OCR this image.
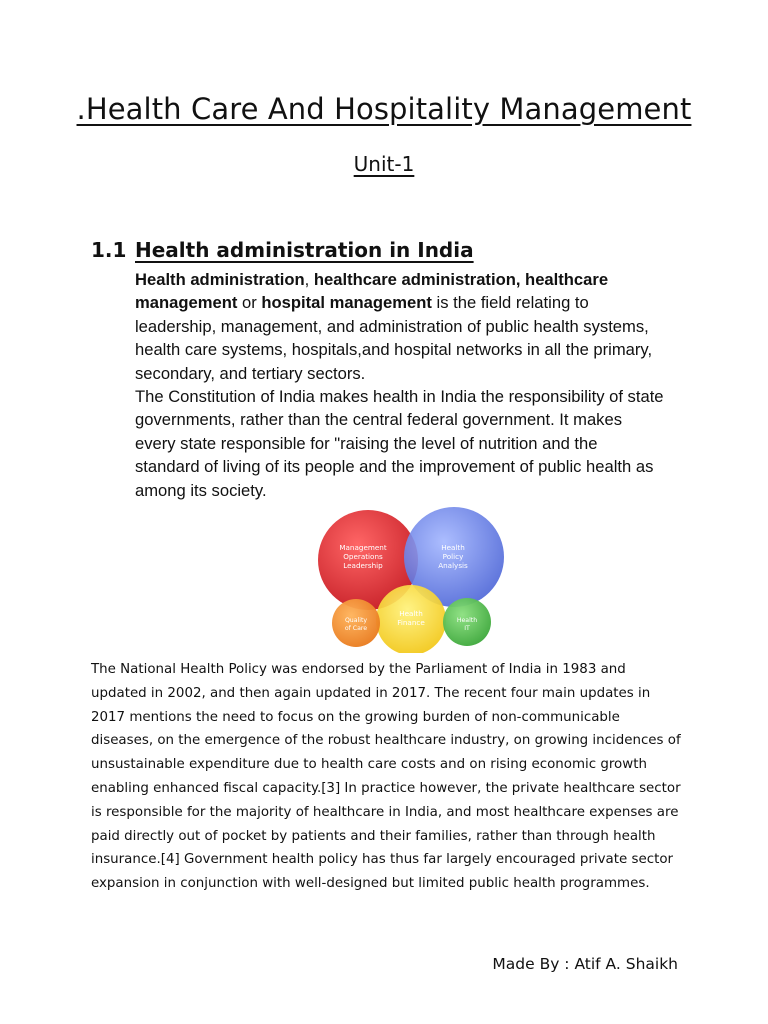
.Health Care And Hospitality Management
Unit-1
1.1 Health administration in India
Health administration, healthcare administration, healthcare management or hospital management is the field relating to leadership, management, and administration of public health systems, health care systems, hospitals,and hospital networks in all the primary, secondary, and tertiary sectors.
The Constitution of India makes health in India the responsibility of state governments, rather than the central federal government. It makes every state responsible for "raising the level of nutrition and the standard of living of its people and the improvement of public health as among its society.
Management
Operations
Leadership
Health
Policy
Analysis
Health
Finance
Quality
of Care
Health
IT
The National Health Policy was endorsed by the Parliament of India in 1983 and updated in 2002, and then again updated in 2017. The recent four main updates in 2017 mentions the need to focus on the growing burden of non-communicable diseases, on the emergence of the robust healthcare industry, on growing incidences of unsustainable expenditure due to health care costs and on rising economic growth enabling enhanced fiscal capacity.[3] In practice however, the private healthcare sector is responsible for the majority of healthcare in India, and most healthcare expenses are paid directly out of pocket by patients and their families, rather than through health insurance.[4] Government health policy has thus far largely encouraged private sector expansion in conjunction with well-designed but limited public health programmes.
Made By : Atif A. Shaikh
